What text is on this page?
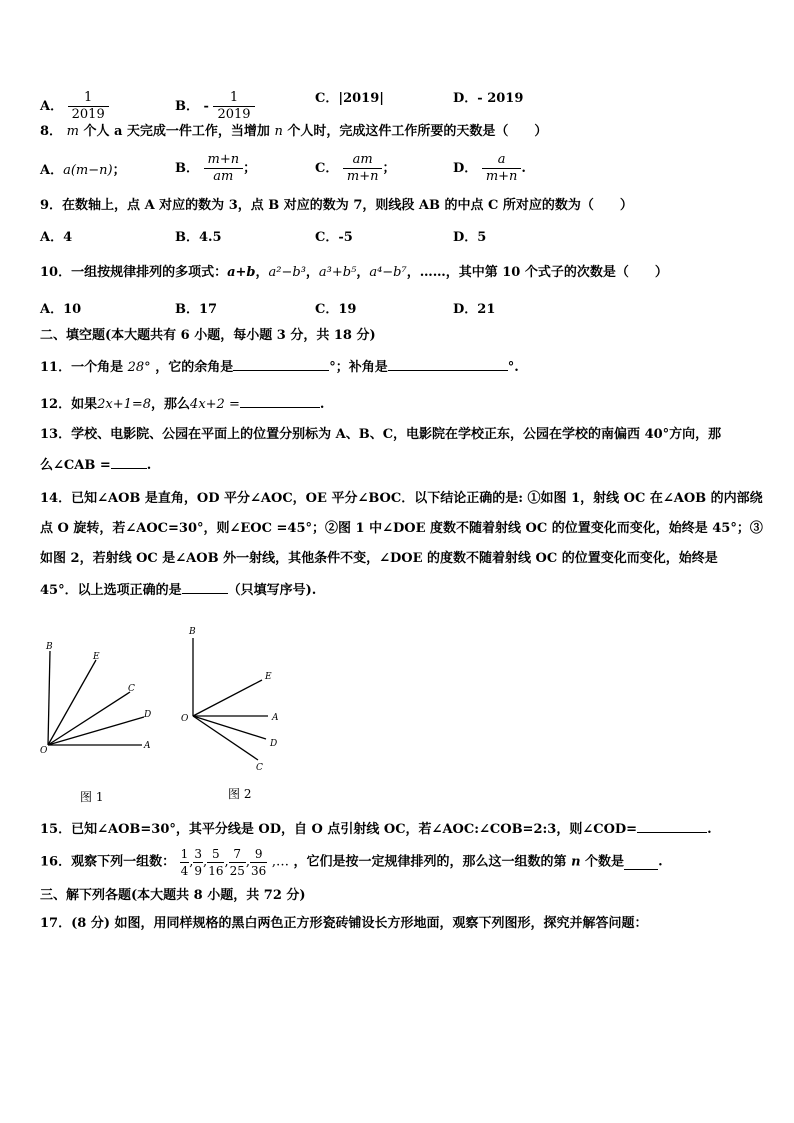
A． $\frac{1}{2019}$	B． - $\frac{1}{2019}$	C．|2019|	D．- 2019
8． m 个人 a 天完成一件工作，当增加 n 个人时，完成这件工作所要的天数是（　　）
A．a(m−n)；	B． $\frac{m+n}{am}$ ；	C． $\frac{am}{m+n}$ ；	D． $\frac{a}{m+n}$ .
9．在数轴上，点 A 对应的数为 3，点 B 对应的数为 7，则线段 AB 的中点 C 所对应的数为（　　）
A．4	B．4.5	C．-5	D．5
10．一组按规律排列的多项式：a+b，a²−b³，a³+b⁵，a⁴−b⁷，……，其中第 10 个式子的次数是（　　）
A．10	B．17	C．19	D．21
二、填空题(本大题共有 6 小题，每小题 3 分，共 18 分)
11．一个角是 28° ，它的余角是	°；补角是	°.
12．如果2x+1=8，那么4x+2 =	.
13．学校、电影院、公园在平面上的位置分别标为 A、B、C，电影院在学校正东，公园在学校的南偏西 40°方向，那
么∠CAB =	.
14．已知∠AOB 是直角，OD 平分∠AOC，OE 平分∠BOC．以下结论正确的是: ①如图 1，射线 OC 在∠AOB 的内部绕
点 O 旋转，若∠AOC=30°，则∠EOC =45°；②图 1 中∠DOE 度数不随着射线 OC 的位置变化而变化，始终是 45°；③
如图 2，若射线 OC 是∠AOB 外一射线，其他条件不变，∠DOE 的度数不随着射线 OC 的位置变化而变化，始终是
45°．以上选项正确的是	（只填写序号).
B
E
C
D
O	A
图 1
B
E
O	A
D
C
图 2
15．已知∠AOB=30°，其平分线是 OD，自 O 点引射线 OC，若∠AOC:∠COB=2:3，则∠COD=	.
16．观察下列一组数： $\frac{1}{4}$ , $\frac{3}{9}$ , $\frac{5}{16}$ , $\frac{7}{25}$ , $\frac{9}{36}$ ,… ，它们是按一定规律排列的，那么这一组数的第 n 个数是	.
三、解下列各题(本大题共 8 小题，共 72 分)
17．(8 分) 如图，用同样规格的黑白两色正方形瓷砖铺设长方形地面，观察下列图形，探究并解答问题：
